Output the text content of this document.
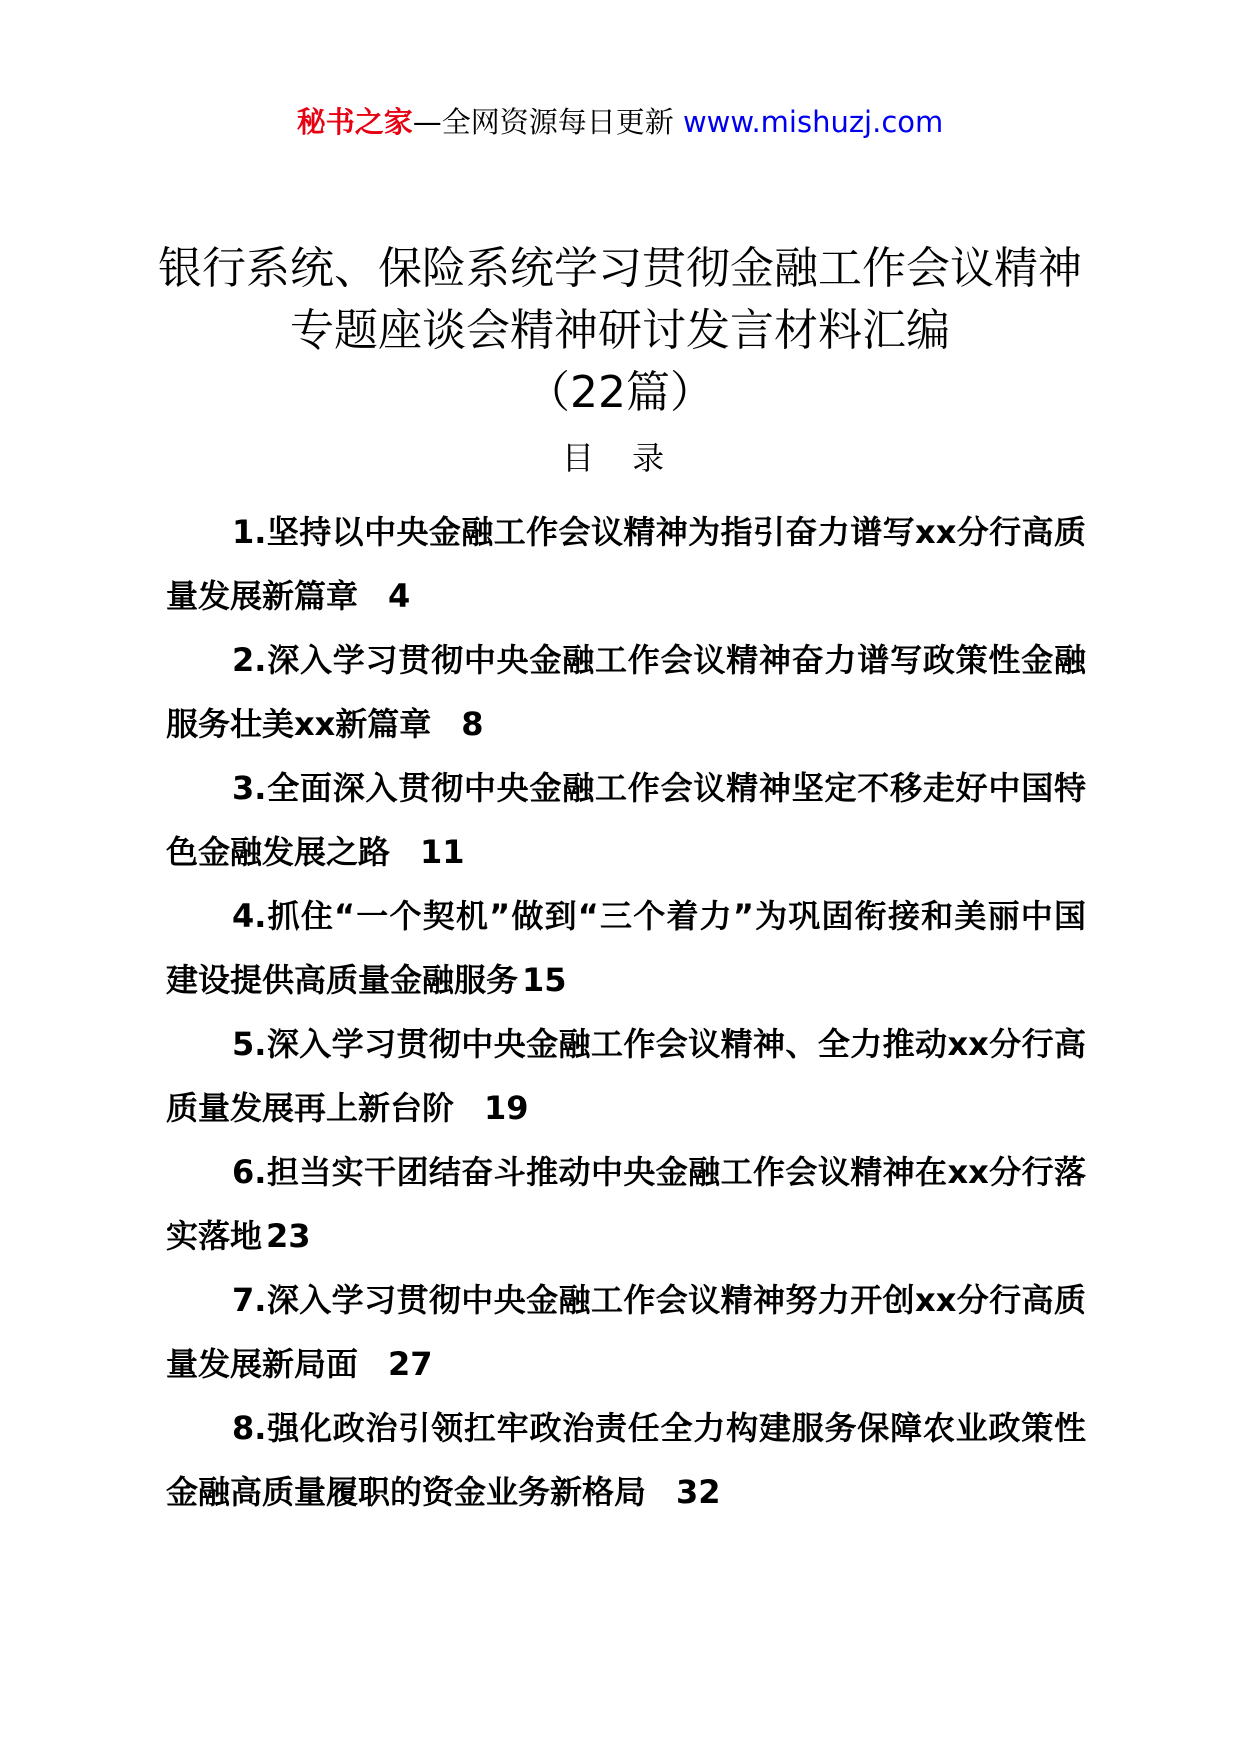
秘书之家—全网资源每日更新 www.mishuzj.com
银行系统、保险系统学习贯彻金融工作会议精神专题座谈会精神研讨发言材料汇编
（22篇）
目 录
1.坚持以中央金融工作会议精神为指引奋力谱写xx分行高质量发展新篇章 4
2.深入学习贯彻中央金融工作会议精神奋力谱写政策性金融服务壮美xx新篇章 8
3.全面深入贯彻中央金融工作会议精神坚定不移走好中国特色金融发展之路 11
4.抓住“一个契机”做到“三个着力”为巩固衔接和美丽中国建设提供高质量金融服务 15
5.深入学习贯彻中央金融工作会议精神、全力推动xx分行高质量发展再上新台阶 19
6.担当实干团结奋斗推动中央金融工作会议精神在xx分行落实落地 23
7.深入学习贯彻中央金融工作会议精神努力开创xx分行高质量发展新局面 27
8.强化政治引领扛牢政治责任全力构建服务保障农业政策性金融高质量履职的资金业务新格局 32
